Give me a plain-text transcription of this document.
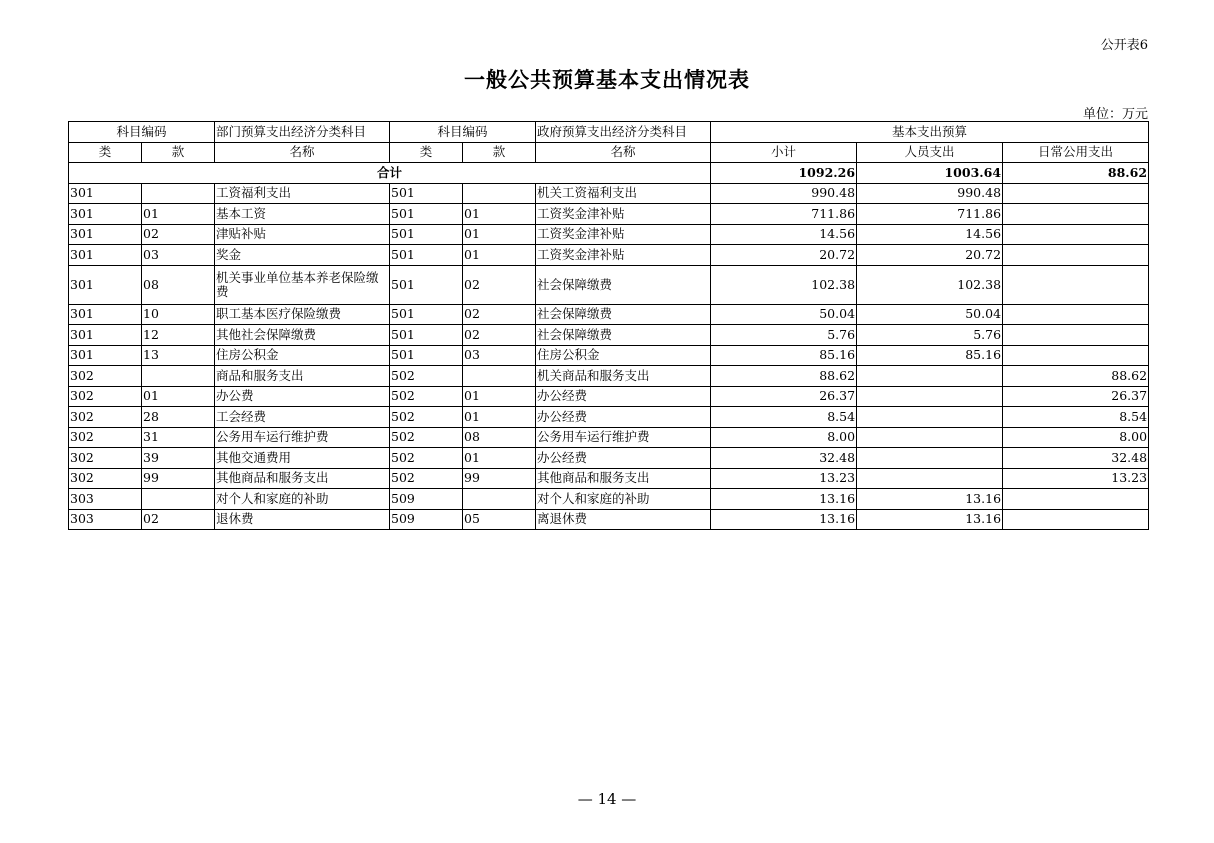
公开表6
一般公共预算基本支出情况表
单位：万元
科目编码		部门预算支出经济分类科目	科目编码		政府预算支出经济分类科目	基本支出预算		
类	款	名称	类	款	名称	小计	人员支出	日常公用支出
合计						1092.26	1003.64	88.62
301		工资福利支出	501		机关工资福利支出	990.48	990.48	
301	01	基本工资	501	01	工资奖金津补贴	711.86	711.86	
301	02	津贴补贴	501	01	工资奖金津补贴	14.56	14.56	
301	03	奖金	501	01	工资奖金津补贴	20.72	20.72	
301	08	机关事业单位基本养老保险缴费	501	02	社会保障缴费	102.38	102.38	
301	10	职工基本医疗保险缴费	501	02	社会保障缴费	50.04	50.04	
301	12	其他社会保障缴费	501	02	社会保障缴费	5.76	5.76	
301	13	住房公积金	501	03	住房公积金	85.16	85.16	
302		商品和服务支出	502		机关商品和服务支出	88.62		88.62
302	01	办公费	502	01	办公经费	26.37		26.37
302	28	工会经费	502	01	办公经费	8.54		8.54
302	31	公务用车运行维护费	502	08	公务用车运行维护费	8.00		8.00
302	39	其他交通费用	502	01	办公经费	32.48		32.48
302	99	其他商品和服务支出	502	99	其他商品和服务支出	13.23		13.23
303		对个人和家庭的补助	509		对个人和家庭的补助	13.16	13.16	
303	02	退休费	509	05	离退休费	13.16	13.16	
— 14 —
